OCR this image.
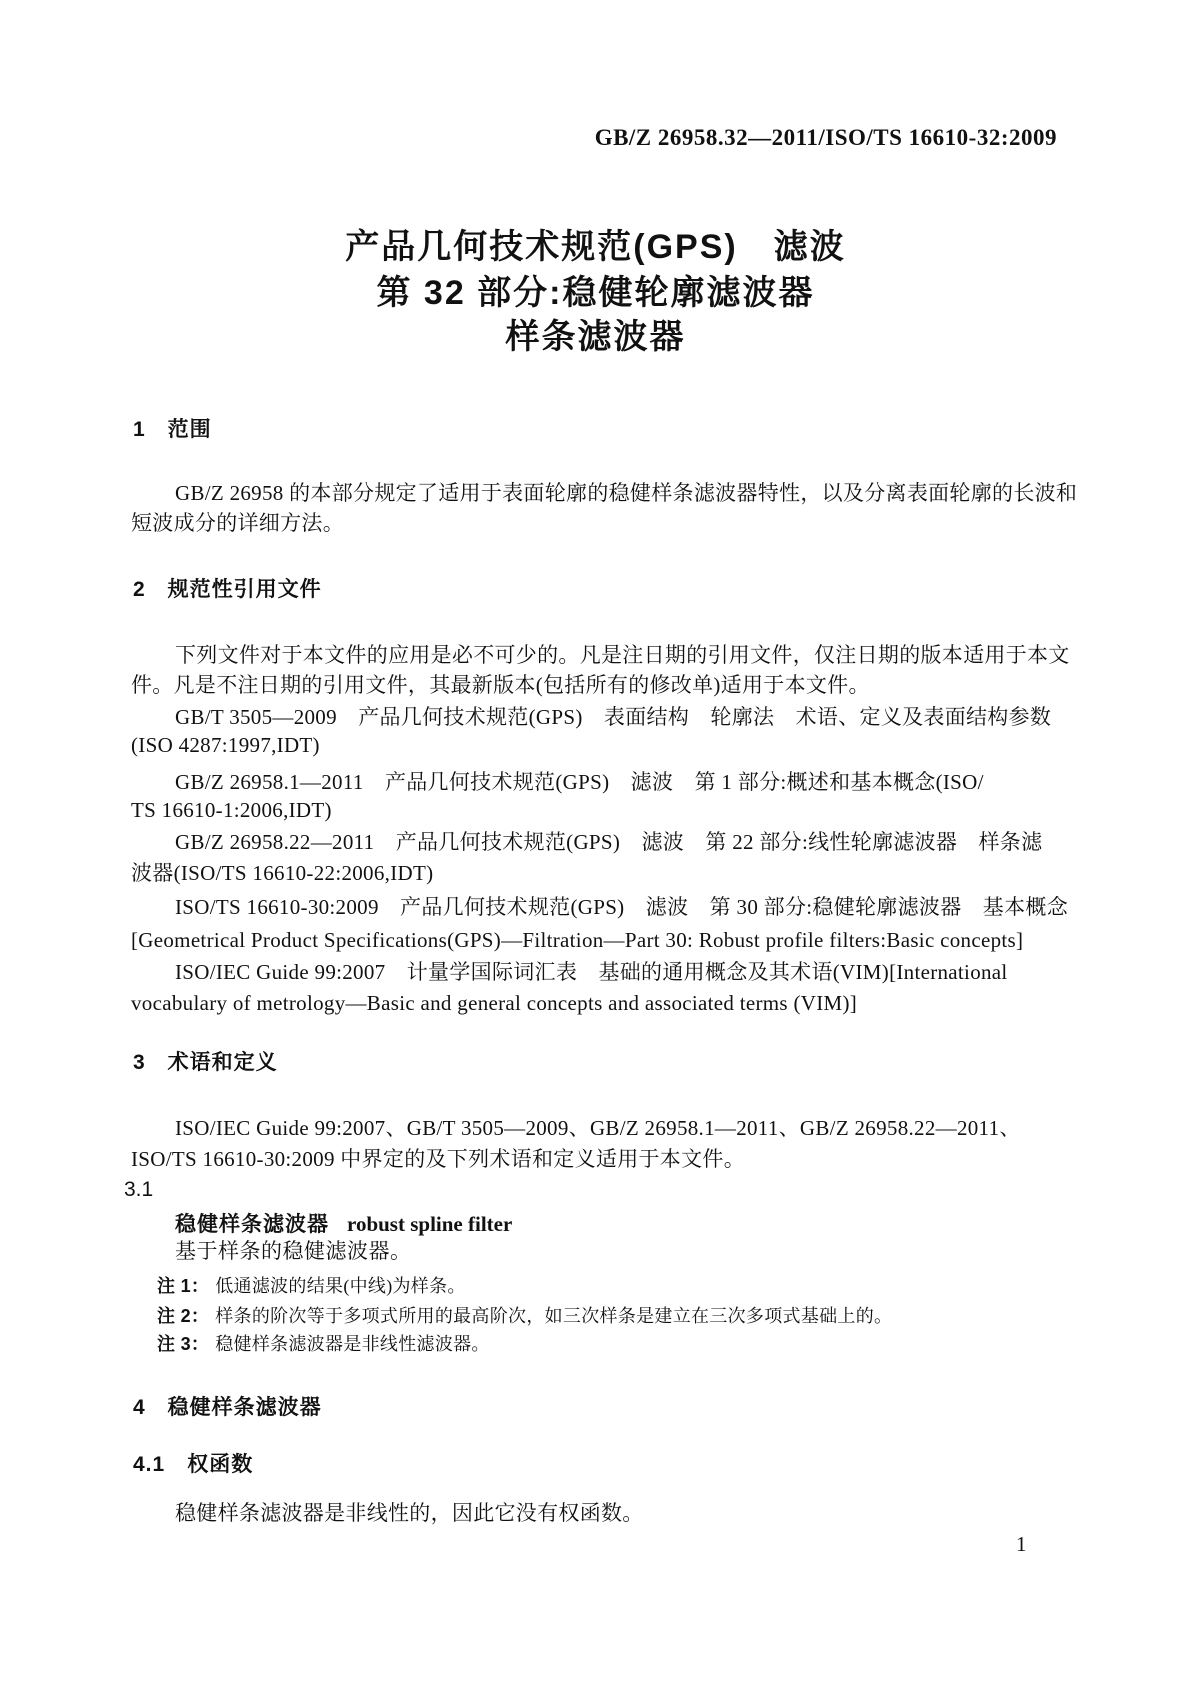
GB/Z 26958.32—2011/ISO/TS 16610-32:2009
产品几何技术规范(GPS)　滤波
第 32 部分:稳健轮廓滤波器
样条滤波器
1　范围
GB/Z 26958 的本部分规定了适用于表面轮廓的稳健样条滤波器特性，以及分离表面轮廓的长波和
短波成分的详细方法。
2　规范性引用文件
下列文件对于本文件的应用是必不可少的。凡是注日期的引用文件，仅注日期的版本适用于本文
件。凡是不注日期的引用文件，其最新版本(包括所有的修改单)适用于本文件。
GB/T 3505—2009　产品几何技术规范(GPS)　表面结构　轮廓法　术语、定义及表面结构参数
(ISO 4287:1997,IDT)
GB/Z 26958.1—2011　产品几何技术规范(GPS)　滤波　第 1 部分:概述和基本概念(ISO/
TS 16610-1:2006,IDT)
GB/Z 26958.22—2011　产品几何技术规范(GPS)　滤波　第 22 部分:线性轮廓滤波器　样条滤
波器(ISO/TS 16610-22:2006,IDT)
ISO/TS 16610-30:2009　产品几何技术规范(GPS)　滤波　第 30 部分:稳健轮廓滤波器　基本概念
[Geometrical Product Specifications(GPS)—Filtration—Part 30: Robust profile filters:Basic concepts]
ISO/IEC Guide 99:2007　计量学国际词汇表　基础的通用概念及其术语(VIM)[International
vocabulary of metrology—Basic and general concepts and associated terms (VIM)]
3　术语和定义
ISO/IEC Guide 99:2007、GB/T 3505—2009、GB/Z 26958.1—2011、GB/Z 26958.22—2011、
ISO/TS 16610-30:2009 中界定的及下列术语和定义适用于本文件。
3.1
稳健样条滤波器 robust spline filter
基于样条的稳健滤波器。
注 1： 低通滤波的结果(中线)为样条。
注 2： 样条的阶次等于多项式所用的最高阶次，如三次样条是建立在三次多项式基础上的。
注 3： 稳健样条滤波器是非线性滤波器。
4　稳健样条滤波器
4.1　权函数
稳健样条滤波器是非线性的，因此它没有权函数。
1
